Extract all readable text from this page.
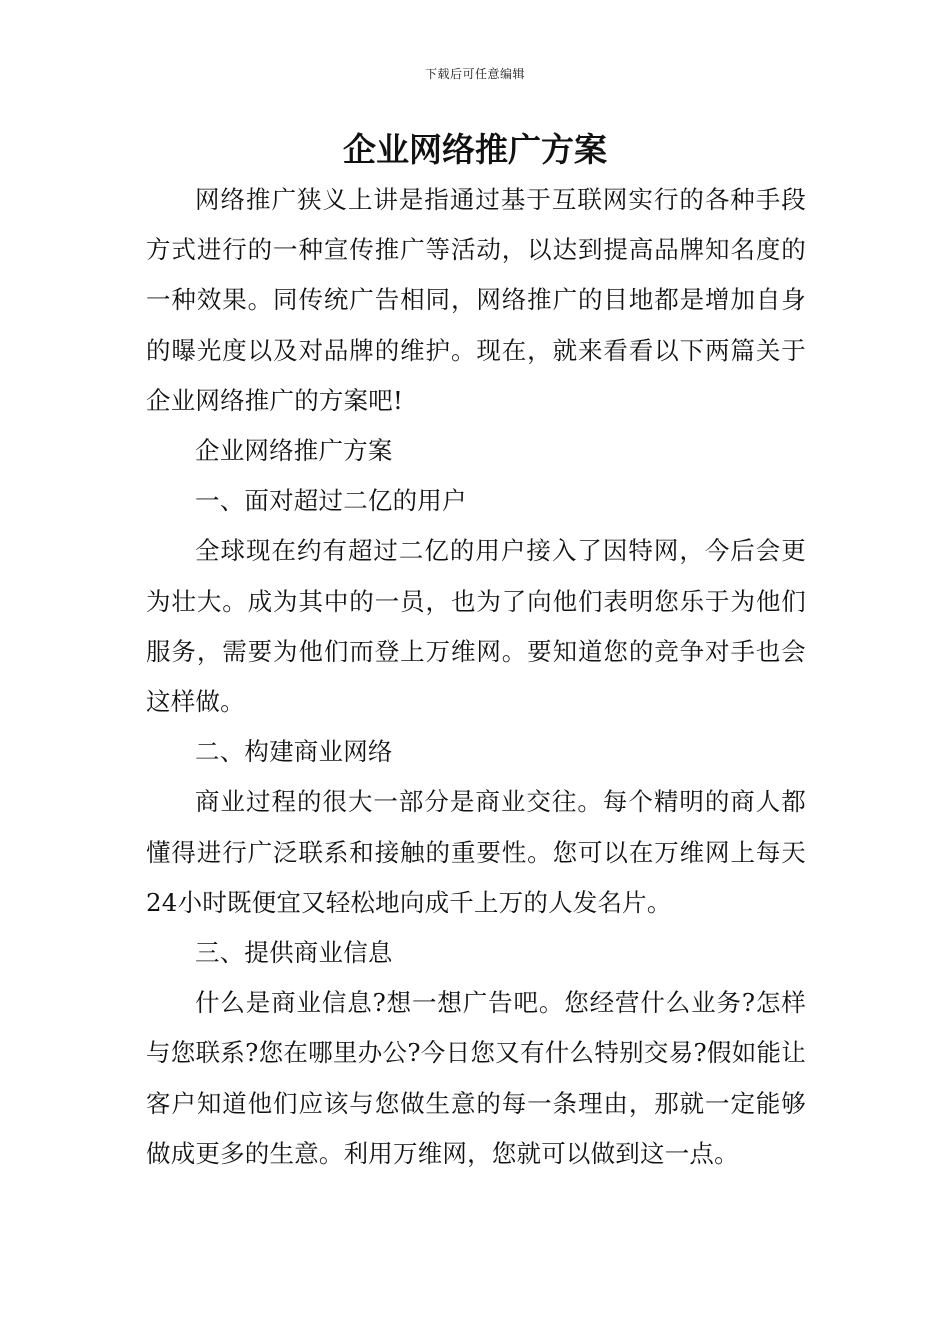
下载后可任意编辑
企业网络推广方案

网络推广狭义上讲是指通过基于互联网实行的各种手段方式进行的一种宣传推广等活动，以达到提高品牌知名度的一种效果。同传统广告相同，网络推广的目地都是增加自身的曝光度以及对品牌的维护。现在，就来看看以下两篇关于企业网络推广的方案吧!

企业网络推广方案

一、面对超过二亿的用户

全球现在约有超过二亿的用户接入了因特网，今后会更为壮大。成为其中的一员，也为了向他们表明您乐于为他们服务，需要为他们而登上万维网。要知道您的竞争对手也会这样做。

二、构建商业网络

商业过程的很大一部分是商业交往。每个精明的商人都懂得进行广泛联系和接触的重要性。您可以在万维网上每天24小时既便宜又轻松地向成千上万的人发名片。

三、提供商业信息

什么是商业信息?想一想广告吧。您经营什么业务?怎样与您联系?您在哪里办公?今日您又有什么特别交易?假如能让客户知道他们应该与您做生意的每一条理由，那就一定能够做成更多的生意。利用万维网，您就可以做到这一点。
